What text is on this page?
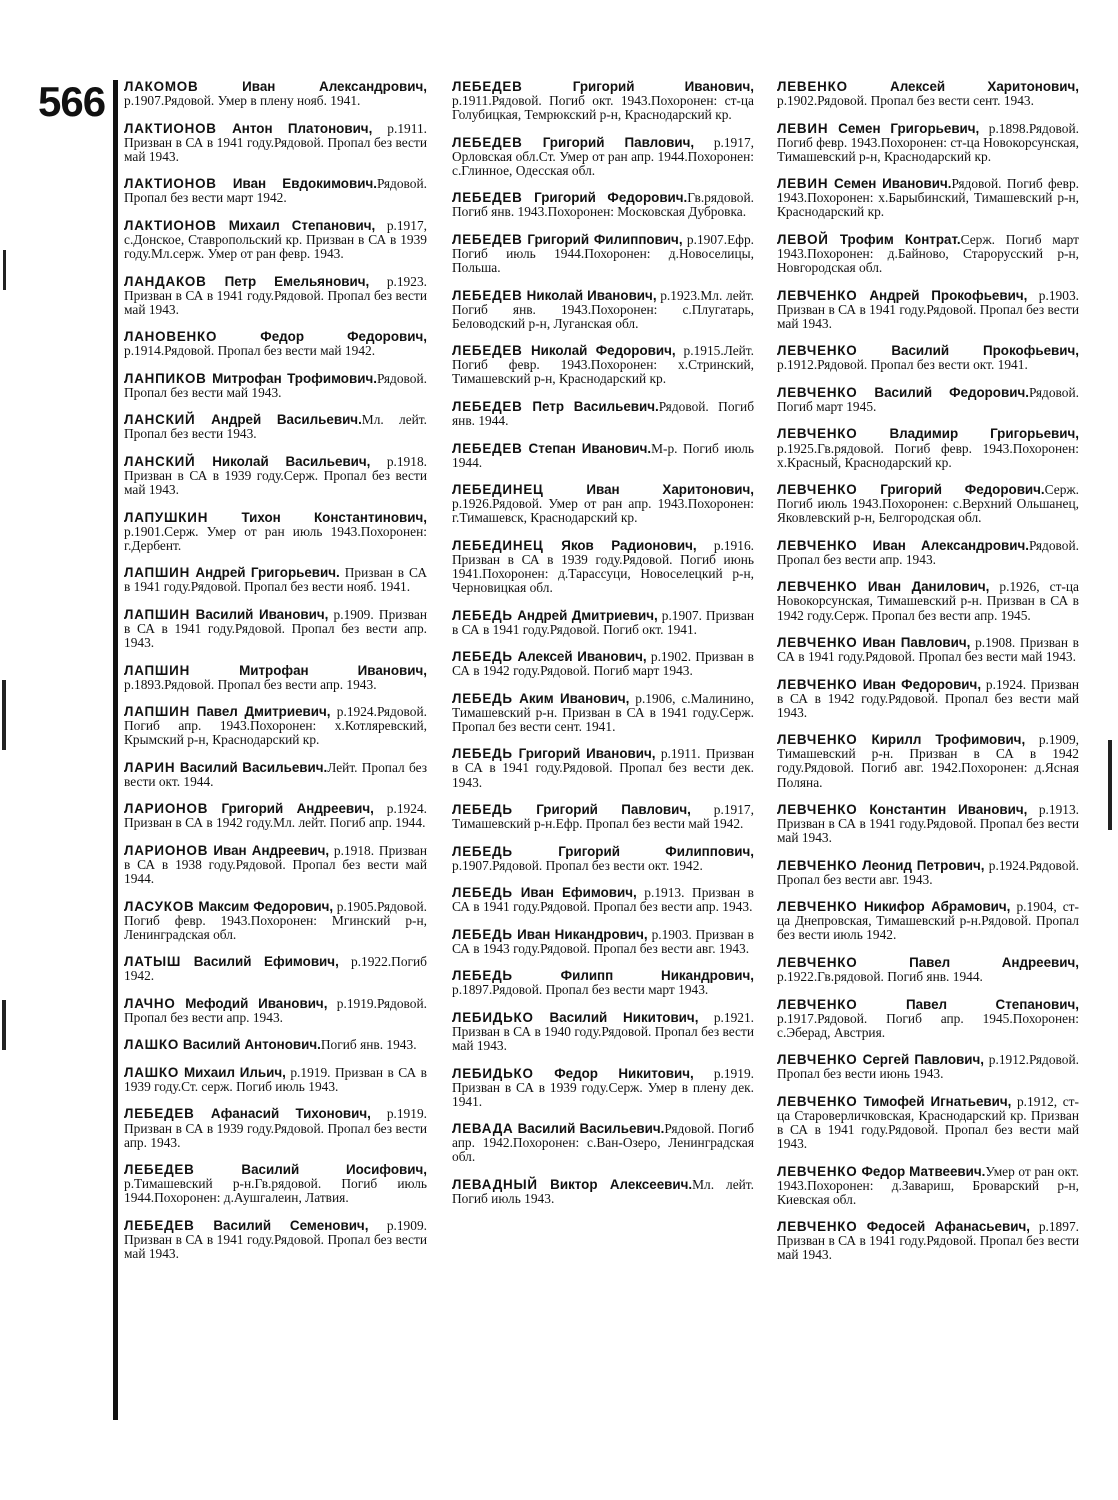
566 ЛАКОМОВ Иван Александрович, р.1907.Рядовой. Умер в плену нояб. 1941.

ЛАКТИОНОВ Антон Платонович, р.1911. Призван в СА в 1941 году.Рядовой. Пропал без вести май 1943.

ЛАКТИОНОВ Иван Евдокимович.Рядовой. Пропал без вести март 1942.

ЛАКТИОНОВ Михаил Степанович, р.1917, с.Донское, Ставропольский кр. Призван в СА в 1939 году.Мл.серж. Умер от ран февр. 1943.

ЛАНДАКОВ Петр Емельянович, р.1923. Призван в СА в 1941 году.Рядовой. Пропал без вести май 1943.

ЛАНОВЕНКО Федор Федорович, р.1914.Рядовой. Пропал без вести май 1942.

ЛАНПИКОВ Митрофан Трофимович.Рядовой. Пропал без вести май 1943.

ЛАНСКИЙ Андрей Васильевич.Мл. лейт. Пропал без вести 1943.

ЛАНСКИЙ Николай Васильевич, р.1918. Призван в СА в 1939 году.Серж. Пропал без вести май 1943.

ЛАПУШКИН Тихон Константинович, р.1901.Серж. Умер от ран июль 1943.Похоронен: г.Дербент.

ЛАПШИН Андрей Григорьевич. Призван в СА в 1941 году.Рядовой. Пропал без вести нояб. 1941.

ЛАПШИН Василий Иванович, р.1909. Призван в СА в 1941 году.Рядовой. Пропал без вести апр. 1943.

ЛАПШИН Митрофан Иванович, р.1893.Рядовой. Пропал без вести апр. 1943.

ЛАПШИН Павел Дмитриевич, р.1924.Рядовой. Погиб апр. 1943.Похоронен: х.Котляревский, Крымский р-н, Краснодарский кр.

ЛАРИН Василий Васильевич.Лейт. Пропал без вести окт. 1944.

ЛАРИОНОВ Григорий Андреевич, р.1924. Призван в СА в 1942 году.Мл. лейт. Погиб апр. 1944.

ЛАРИОНОВ Иван Андреевич, р.1918. Призван в СА в 1938 году.Рядовой. Пропал без вести май 1944.

ЛАСУКОВ Максим Федорович, р.1905.Рядовой. Погиб февр. 1943.Похоронен: Мгинский р-н, Ленинградская обл.

ЛАТЫШ Василий Ефимович, р.1922.Погиб 1942.

ЛАЧНО Мефодий Иванович, р.1919.Рядовой. Пропал без вести апр. 1943.

ЛАШКО Василий Антонович.Погиб янв. 1943.

ЛАШКО Михаил Ильич, р.1919. Призван в СА в 1939 году.Ст. серж. Погиб июль 1943.

ЛЕБЕДЕВ Афанасий Тихонович, р.1919. Призван в СА в 1939 году.Рядовой. Пропал без вести апр. 1943.

ЛЕБЕДЕВ Василий Иосифович, р.Тимашевский р-н.Гв.рядовой. Погиб июль 1944.Похоронен: д.Аушгалеин, Латвия.

ЛЕБЕДЕВ Василий Семенович, р.1909. Призван в СА в 1941 году.Рядовой. Пропал без вести май 1943.

ЛЕБЕДЕВ Григорий Иванович, р.1911.Рядовой. Погиб окт. 1943.Похоронен: ст-ца Голубицкая, Темрюкский р-н, Краснодарский кр.

ЛЕБЕДЕВ Григорий Павлович, р.1917, Орловская обл.Ст. Умер от ран апр. 1944.Похоронен: с.Глинное, Одесская обл.

ЛЕБЕДЕВ Григорий Федорович.Гв.рядовой. Погиб янв. 1943.Похоронен: Московская Дубровка.

ЛЕБЕДЕВ Григорий Филиппович, р.1907.Ефр. Погиб июль 1944.Похоронен: д.Новоселицы, Польша.

ЛЕБЕДЕВ Николай Иванович, р.1923.Мл. лейт. Погиб янв. 1943.Похоронен: с.Плугатарь, Беловодский р-н, Луганская обл.

ЛЕБЕДЕВ Николай Федорович, р.1915.Лейт. Погиб февр. 1943.Похоронен: х.Стринский, Тимашевский р-н, Краснодарский кр.

ЛЕБЕДЕВ Петр Васильевич.Рядовой. Погиб янв. 1944.

ЛЕБЕДЕВ Степан Иванович.М-р. Погиб июль 1944.

ЛЕБЕДИНЕЦ Иван Харитонович, р.1926.Рядовой. Умер от ран апр. 1943.Похоронен: г.Тимашевск, Краснодарский кр.

ЛЕБЕДИНЕЦ Яков Радионович, р.1916. Призван в СА в 1939 году.Рядовой. Погиб июнь 1941.Похоронен: д.Тарассуци, Новоселецкий р-н, Черновицкая обл.

ЛЕБЕДЬ Андрей Дмитриевич, р.1907. Призван в СА в 1941 году.Рядовой. Погиб окт. 1941.

ЛЕБЕДЬ Алексей Иванович, р.1902. Призван в СА в 1942 году.Рядовой. Погиб март 1943.

ЛЕБЕДЬ Аким Иванович, р.1906, с.Малинино, Тимашевский р-н. Призван в СА в 1941 году.Серж. Пропал без вести сент. 1941.

ЛЕБЕДЬ Григорий Иванович, р.1911. Призван в СА в 1941 году.Рядовой. Пропал без вести дек. 1943.

ЛЕБЕДЬ Григорий Павлович, р.1917, Тимашевский р-н.Ефр. Пропал без вести май 1942.

ЛЕБЕДЬ Григорий Филиппович, р.1907.Рядовой. Пропал без вести окт. 1942.

ЛЕБЕДЬ Иван Ефимович, р.1913. Призван в СА в 1941 году.Рядовой. Пропал без вести апр. 1943.

ЛЕБЕДЬ Иван Никандрович, р.1903. Призван в СА в 1943 году.Рядовой. Пропал без вести авг. 1943.

ЛЕБЕДЬ Филипп Никандрович, р.1897.Рядовой. Пропал без вести март 1943.

ЛЕБИДЬКО Василий Никитович, р.1921. Призван в СА в 1940 году.Рядовой. Пропал без вести май 1943.

ЛЕБИДЬКО Федор Никитович, р.1919. Призван в СА в 1939 году.Серж. Умер в плену дек. 1941.

ЛЕВАДА Василий Васильевич.Рядовой. Погиб апр. 1942.Похоронен: с.Ван-Озеро, Ленинградская обл.

ЛЕВАДНЫЙ Виктор Алексеевич.Мл. лейт. Погиб июль 1943.

ЛЕВЕНКО Алексей Харитонович, р.1902.Рядовой. Пропал без вести сент. 1943.

ЛЕВИН Семен Григорьевич, р.1898.Рядовой. Погиб февр. 1943.Похоронен: ст-ца Новокорсунская, Тимашевский р-н, Краснодарский кр.

ЛЕВИН Семен Иванович.Рядовой. Погиб февр. 1943.Похоронен: х.Барыбинский, Тимашевский р-н, Краснодарский кр.

ЛЕВОЙ Трофим Контрат.Серж. Погиб март 1943.Похоронен: д.Байново, Старорусский р-н, Новгородская обл.

ЛЕВЧЕНКО Андрей Прокофьевич, р.1903. Призван в СА в 1941 году.Рядовой. Пропал без вести май 1943.

ЛЕВЧЕНКО Василий Прокофьевич, р.1912.Рядовой. Пропал без вести окт. 1941.

ЛЕВЧЕНКО Василий Федорович.Рядовой. Погиб март 1945.

ЛЕВЧЕНКО Владимир Григорьевич, р.1925.Гв.рядовой. Погиб февр. 1943.Похоронен: х.Красный, Краснодарский кр.

ЛЕВЧЕНКО Григорий Федорович.Серж. Погиб июль 1943.Похоронен: с.Верхний Ольшанец, Яковлевский р-н, Белгородская обл.

ЛЕВЧЕНКО Иван Александрович.Рядовой. Пропал без вести апр. 1943.

ЛЕВЧЕНКО Иван Данилович, р.1926, ст-ца Новокорсунская, Тимашевский р-н. Призван в СА в 1942 году.Серж. Пропал без вести апр. 1945.

ЛЕВЧЕНКО Иван Павлович, р.1908. Призван в СА в 1941 году.Рядовой. Пропал без вести май 1943.

ЛЕВЧЕНКО Иван Федорович, р.1924. Призван в СА в 1942 году.Рядовой. Пропал без вести май 1943.

ЛЕВЧЕНКО Кирилл Трофимович, р.1909, Тимашевский р-н. Призван в СА в 1942 году.Рядовой. Погиб авг. 1942.Похоронен: д.Ясная Поляна.

ЛЕВЧЕНКО Константин Иванович, р.1913. Призван в СА в 1941 году.Рядовой. Пропал без вести май 1943.

ЛЕВЧЕНКО Леонид Петрович, р.1924.Рядовой. Пропал без вести авг. 1943.

ЛЕВЧЕНКО Никифор Абрамович, р.1904, ст-ца Днепровская, Тимашевский р-н.Рядовой. Пропал без вести июль 1942.

ЛЕВЧЕНКО Павел Андреевич, р.1922.Гв.рядовой. Погиб янв. 1944.

ЛЕВЧЕНКО Павел Степанович, р.1917.Рядовой. Погиб апр. 1945.Похоронен: с.Эберад, Австрия.

ЛЕВЧЕНКО Сергей Павлович, р.1912.Рядовой. Пропал без вести июнь 1943.

ЛЕВЧЕНКО Тимофей Игнатьевич, р.1912, ст-ца Староверличковская, Краснодарский кр. Призван в СА в 1941 году.Рядовой. Пропал без вести май 1943.

ЛЕВЧЕНКО Федор Матвеевич.Умер от ран окт. 1943.Похоронен: д.Завариш, Броварский р-н, Киевская обл.

ЛЕВЧЕНКО Федосей Афанасьевич, р.1897. Призван в СА в 1941 году.Рядовой. Пропал без вести май 1943.
